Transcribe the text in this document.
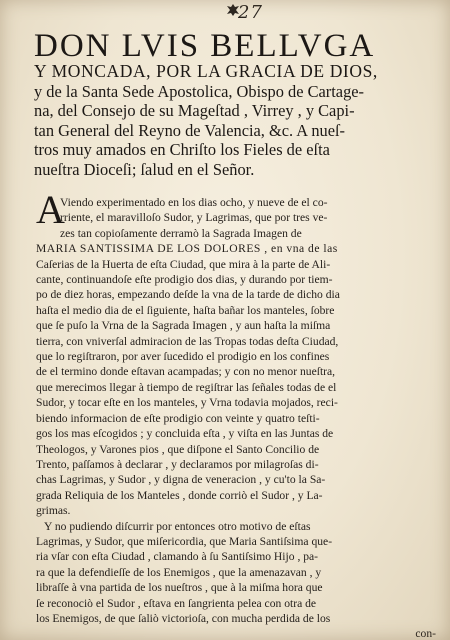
27
DON LVIS BELLVGA
Y MONCADA, POR LA GRACIA DE DIOS,
y de la Santa Sede Apostolica, Obispo de Cartage-
na, del Consejo de su Mageſtad , Virrey , y Capi-
tan General del Reyno de Valencia, &c. A nueſ-
tros muy amados en Chriſto los Fieles de eſta
nueſtra Dioceſi; ſalud en el Señor.
A
Viendo experimentado en los dias ocho, y nueve de el co-
rriente, el maravilloſo Sudor, y Lagrimas, que por tres ve-
zes tan copioſamente derramò la Sagrada Imagen de
MARIA SANTISSIMA DE LOS DOLORES , en vna de las
Caſerias de la Huerta de eſta Ciudad, que mira à la parte de Ali-
cante, continuandoſe eſte prodigio dos dias, y durando por tiem-
po de diez horas, empezando deſde la vna de la tarde de dicho dia
haſta el medio dia de el ſiguiente, haſta bañar los manteles, ſobre
que ſe puſo la Vrna de la Sagrada Imagen , y aun haſta la miſma
tierra, con vniverſal admiracion de las Tropas todas deſta Ciudad,
que lo regiſtraron, por aver ſucedido el prodigio en los confines
de el termino donde eſtavan acampadas; y con no menor nueſtra,
que merecimos llegar à tiempo de regiſtrar las ſeñales todas de el
Sudor, y tocar eſte en los manteles, y Vrna todavia mojados, reci-
biendo informacion de eſte prodigio con veinte y quatro teſti-
gos los mas eſcogidos ; y concluida eſta , y viſta en las Juntas de
Theologos, y Varones pios , que diſpone el Santo Concilio de
Trento, paſſamos à declarar , y declaramos por milagroſas di-
chas Lagrimas, y Sudor , y digna de veneracion , y cu'to la Sa-
grada Reliquia de los Manteles , donde corriò el Sudor , y La-
grimas.
Y no pudiendo diſcurrir por entonces otro motivo de eſtas
Lagrimas, y Sudor, que miſericordia, que Maria Santiſsima que-
ria vſar con eſta Ciudad , clamando à ſu Santiſsimo Hijo , pa-
ra que la defendieſſe de los Enemigos , que la amenazavan , y
libraſſe à vna partida de los nueſtros , que à la miſma hora que
ſe reconociò el Sudor , eſtava en ſangrienta pelea con otra de
los Enemigos, de que ſaliò victorioſa, con mucha perdida de los
con-
